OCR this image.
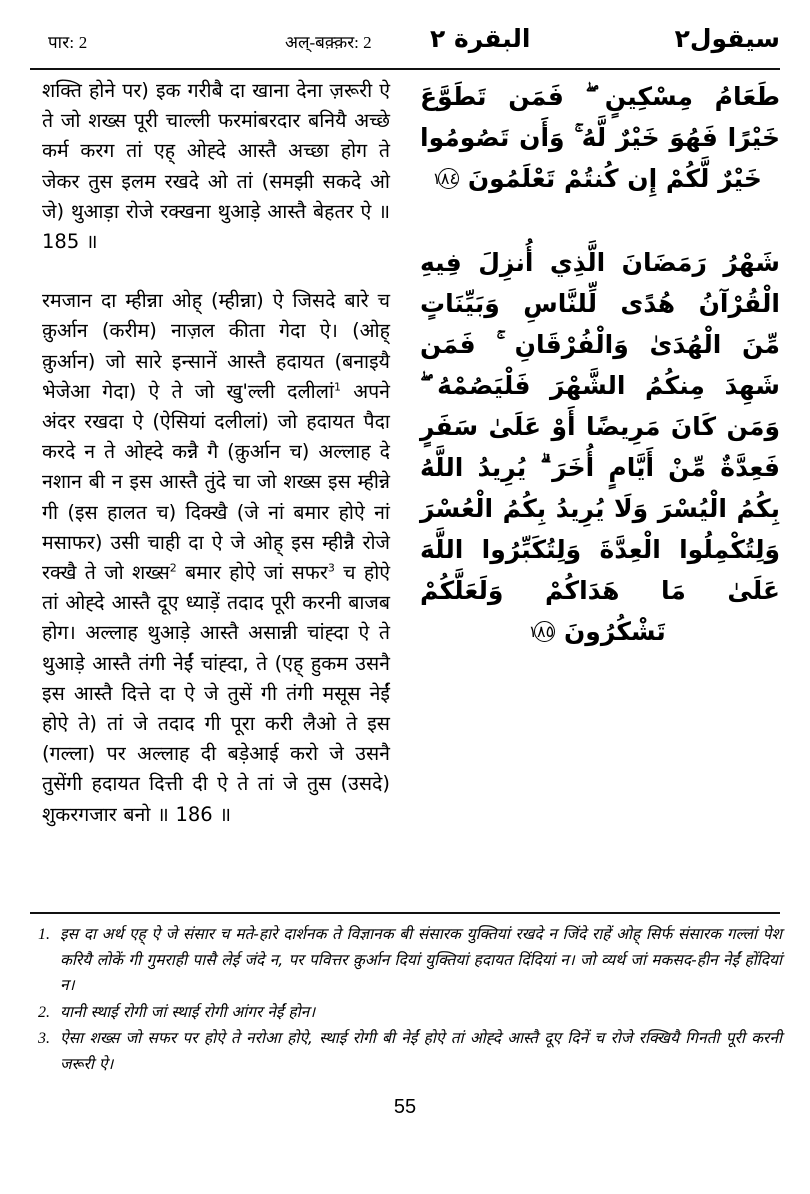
पार: 2	अल्-बक़्क़र: 2 البقرة ٢	سيقول٢

शक्ति होने पर) इक गरीबै दा खाना देना ज़रूरी ऐ ते जो शख्स पूरी चाल्ली फरमांबरदार बनियै अच्छे कर्म करग तां एह् ओह्दे आस्तै अच्छा होग ते जेकर तुस इलम रखदे ओ तां (समझी सकदे ओ जे) थुआड़ा रोजे रक्खना थुआड़े आस्तै बेहतर ऐ ॥ 185 ॥

रमजान दा म्हीन्ना ओह् (म्हीन्ना) ऐ जिसदे बारे च क़ुर्आन (करीम) नाज़ल कीता गेदा ऐ। (ओह् क़ुर्आन) जो सारे इन्सानें आस्तै हदायत (बनाइयै भेजेआ गेदा) ऐ ते जो खु'ल्ली दलीलां$^1$ अपने अंदर रखदा ऐ (ऐसियां दलीलां) जो हदायत पैदा करदे न ते ओह्दे कन्नै गै (क़ुर्आन च) अल्लाह दे नशान बी न इस आस्तै तुंदे चा जो शख्स इस म्हीन्ने गी (इस हालत च) दिक्खै (जे नां बमार होऐ नां मसाफर) उसी चाही दा ऐ जे ओह् इस म्हीन्नै रोजे रक्खै ते जो शख्स$^2$ बमार होऐ जां सफर$^3$ च होऐ तां ओह्दे आस्तै दूए ध्याड़ें तदाद पूरी करनी बाजब होग। अल्लाह थुआड़े आस्तै असान्नी चांह्दा ऐ ते थुआड़े आस्तै तंगी नेईं चांह्दा, ते (एह् हुकम उसनै इस आस्तै दित्ते दा ऐ जे तुसें गी तंगी मसूस नेईं होऐ ते) तां जे तदाद गी पूरा करी लैओ ते इस (गल्ला) पर अल्लाह दी बड़ेआई करो जे उसनै तुसेंगी हदायत दित्ती दी ऐ ते तां जे तुस (उसदे) शुकरगजार बनो ॥ 186 ॥

طَعَامُ مِسْكِينٍ ۖ فَمَن تَطَوَّعَ خَيْرًا فَهُوَ خَيْرٌ لَّهُ ۚ وَأَن تَصُومُوا خَيْرٌ لَّكُمْ إِن كُنتُمْ تَعْلَمُونَ ١٨٤
شَهْرُ رَمَضَانَ الَّذِي أُنزِلَ فِيهِ الْقُرْآنُ هُدًى لِّلنَّاسِ وَبَيِّنَاتٍ مِّنَ الْهُدَىٰ وَالْفُرْقَانِ ۚ فَمَن شَهِدَ مِنكُمُ الشَّهْرَ فَلْيَصُمْهُ ۖ وَمَن كَانَ مَرِيضًا أَوْ عَلَىٰ سَفَرٍ فَعِدَّةٌ مِّنْ أَيَّامٍ أُخَرَ ۗ يُرِيدُ اللَّهُ بِكُمُ الْيُسْرَ وَلَا يُرِيدُ بِكُمُ الْعُسْرَ وَلِتُكْمِلُوا الْعِدَّةَ وَلِتُكَبِّرُوا اللَّهَ عَلَىٰ مَا هَدَاكُمْ وَلَعَلَّكُمْ تَشْكُرُونَ ١٨٥
1. इस दा अर्थ एह् ऐ जे संसार च मते-हारे दार्शनक ते विज्ञानक बी संसारक युक्तियां रखदे न जिंदे राहें ओह् सिर्फ संसारक गल्लां पेश करियै लोकें गी गुमराही पासै लेई जंदे न, पर पवित्तर क़ुर्आन दियां युक्तियां हदायत दिंदियां न। जो व्यर्थ जां मकसद-हीन नेईं होंदियां न।
2. यानी स्थाई रोगी जां स्थाई रोगी आंगर नेईं होन।
3. ऐसा शख्स जो सफर पर होऐ ते नरोआ होऐ, स्थाई रोगी बी नेईं होऐ तां ओह्दे आस्तै दूए दिनें च रोजे रक्खियै गिनती पूरी करनी जरूरी ऐ।
55
